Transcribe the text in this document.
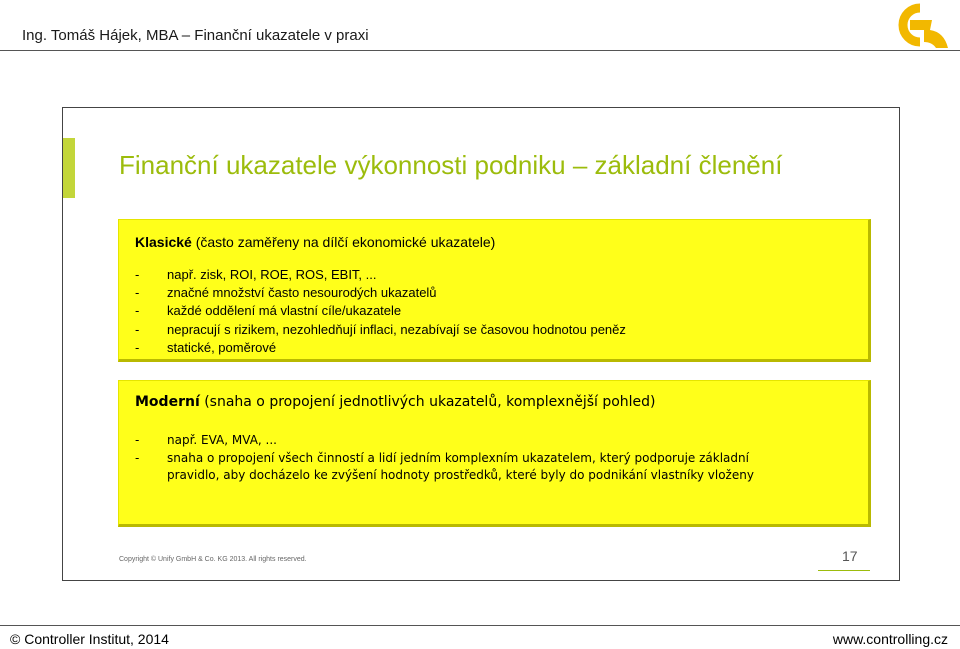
Ing. Tomáš Hájek, MBA – Finanční ukazatele v praxi
Finanční ukazatele výkonnosti podniku – základní členění
Klasické (často zaměřeny na dílčí ekonomické ukazatele)
- např. zisk, ROI, ROE, ROS, EBIT, ...
- značné množství často nesourodých ukazatelů
- každé oddělení má vlastní cíle/ukazatele
- nepracují s rizikem, nezohledňují inflaci, nezabívají se časovou hodnotou peněz
- statické, poměrové
Moderní (snaha o propojení jednotlivých ukazatelů, komplexnější pohled)
- např. EVA, MVA, ...
- snaha o propojení všech činností a lidí jedním komplexním ukazatelem, který podporuje základní
pravidlo, aby docházelo ke zvýšení hodnoty prostředků, které byly do podnikání vlastníky vloženy
Copyright © Unify GmbH & Co. KG 2013. All rights reserved.	17
© Controller Institut, 2014	www.controlling.cz
